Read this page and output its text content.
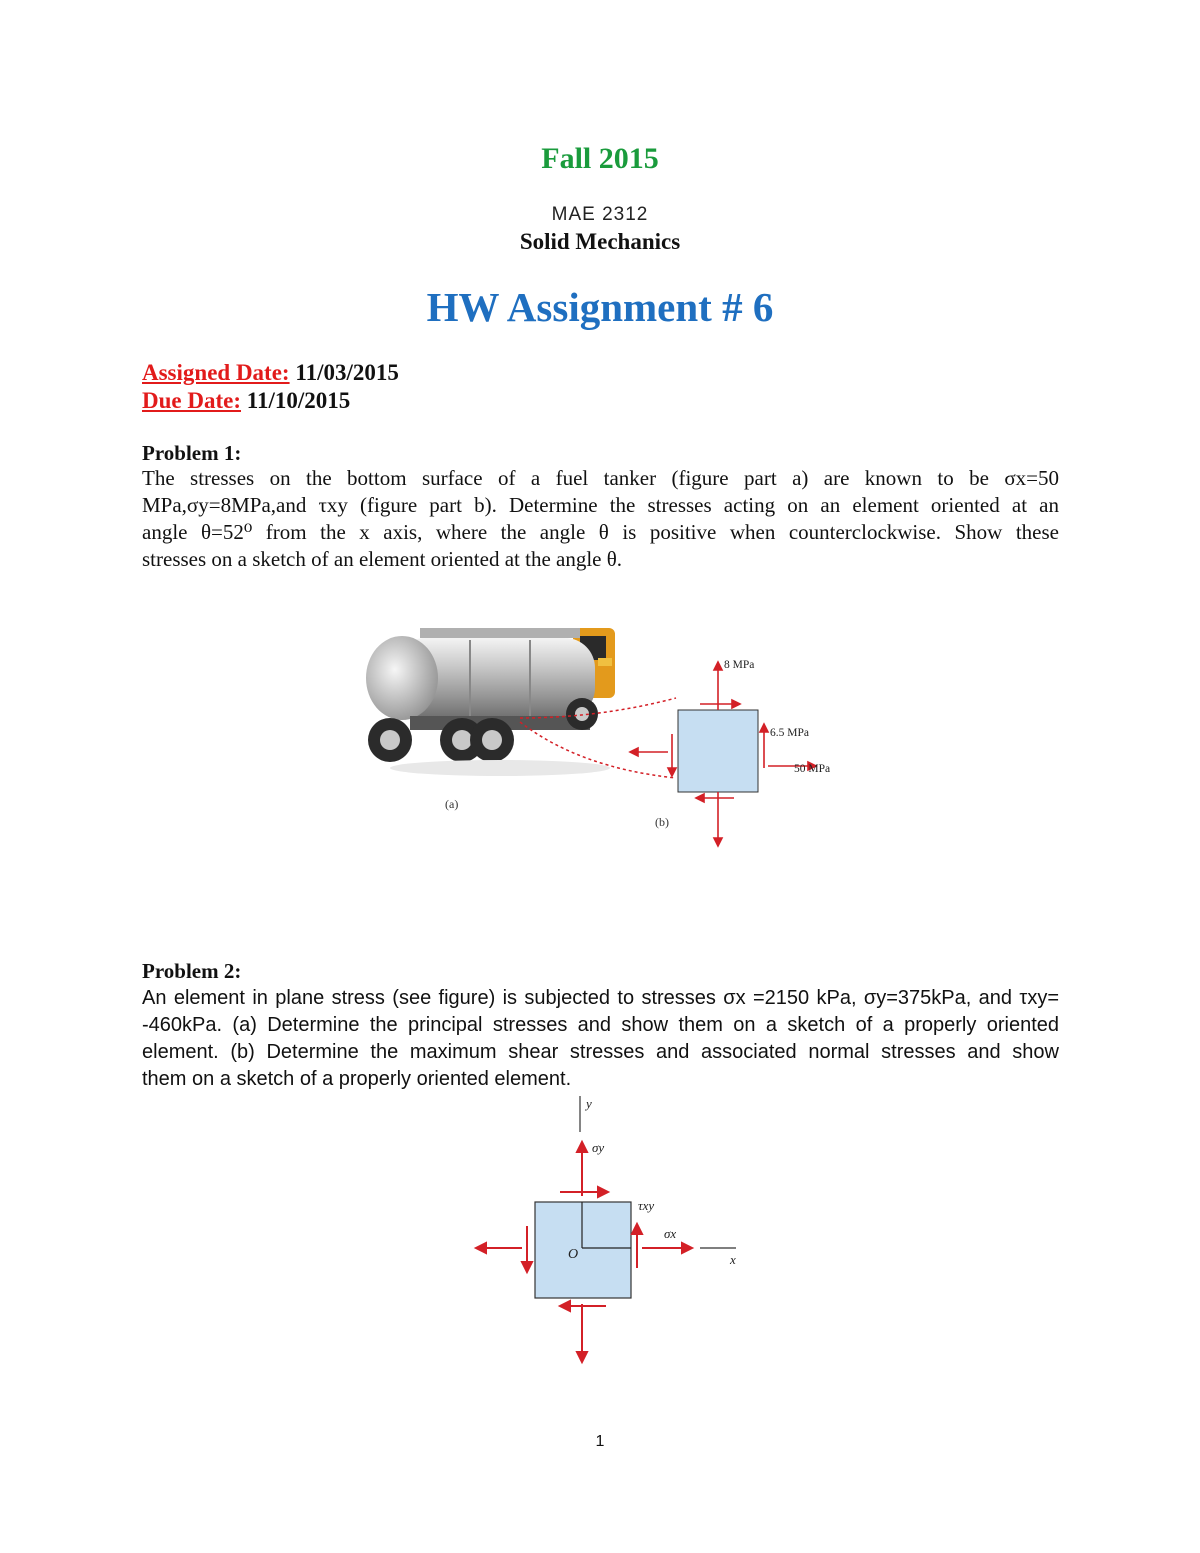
Fall 2015
MAE 2312
Solid Mechanics
HW Assignment # 6
Assigned Date: 11/03/2015
Due Date: 11/10/2015
Problem 1:
The stresses on the bottom surface of a fuel tanker (figure part a) are known to be σx=50
MPa,σy=8MPa,and τxy (figure part b). Determine the stresses acting on an element oriented at an
angle θ=52⁰ from the x axis, where the angle θ is positive when counterclockwise. Show these
stresses on a sketch of an element oriented at the angle θ.
(a)
(b)
8 MPa
6.5 MPa
50 MPa
Problem 2:
An element in plane stress (see figure) is subjected to stresses σx =2150 kPa, σy=375kPa, and τxy=
-460kPa. (a) Determine the principal stresses and show them on a sketch of a properly oriented
element. (b) Determine the maximum shear stresses and associated normal stresses and show
them on a sketch of a properly oriented element.
y
x
O
σy
τxy
σx
1
